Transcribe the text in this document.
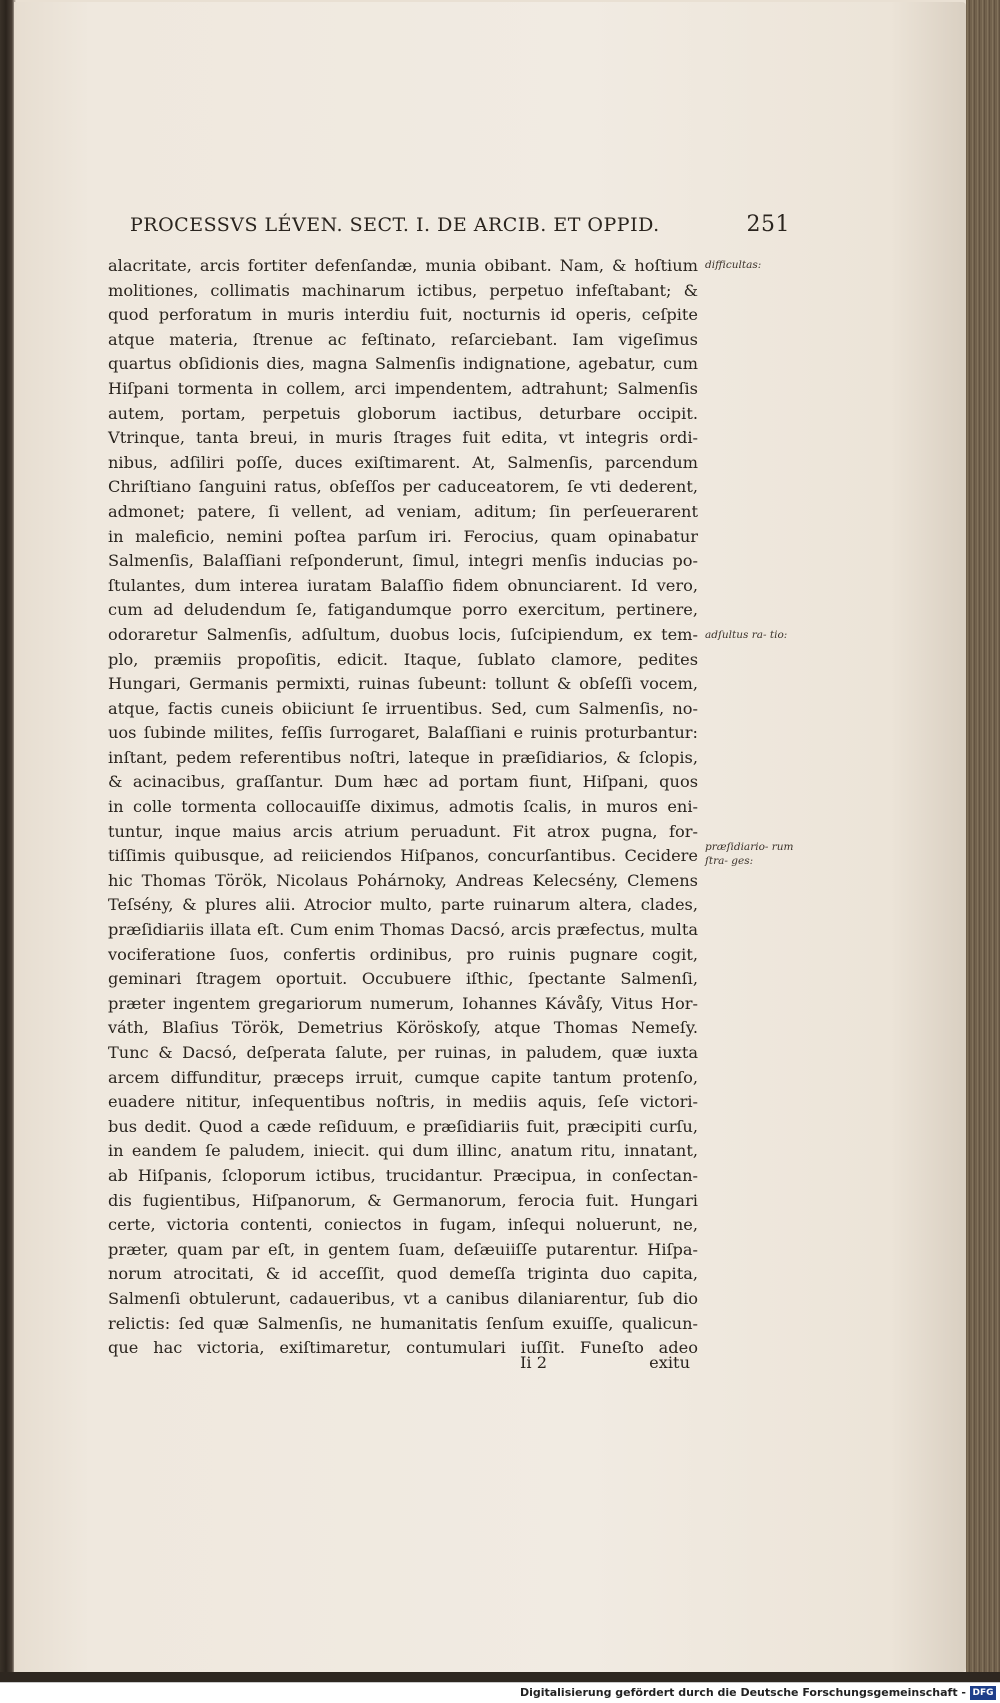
PROCESSVS LÉVEN. SECT. I. DE ARCIB. ET OPPID.	251
alacritate, arcis fortiter defenſandæ, munia obibant. Nam, & hoſtium
molitiones, collimatis machinarum ictibus, perpetuo infeſtabant; &
quod perforatum in muris interdiu fuit, nocturnis id operis, ceſpite
atque materia, ſtrenue ac feſtinato, reſarciebant. Iam vigeſimus
quartus obſidionis dies, magna Salmenſis indignatione, agebatur, cum
Hiſpani tormenta in collem, arci impendentem, adtrahunt; Salmenſis
autem, portam, perpetuis globorum iactibus, deturbare occipit.
Vtrinque, tanta breui, in muris ſtrages fuit edita, vt integris ordi-
nibus, adſiliri poſſe, duces exiſtimarent. At, Salmenſis, parcendum
Chriſtiano ſanguini ratus, obſeſſos per caduceatorem, ſe vti dederent,
admonet; patere, ſi vellent, ad veniam, aditum; ſin perſeuerarent
in maleficio, nemini poſtea parſum iri. Ferocius, quam opinabatur
Salmenſis, Balaſſiani reſponderunt, ſimul, integri menſis inducias po-
ſtulantes, dum interea iuratam Balaſſio fidem obnunciarent. Id vero,
cum ad deludendum ſe, fatigandumque porro exercitum, pertinere,
odoraretur Salmenſis, adſultum, duobus locis, ſuſcipiendum, ex tem-
plo, præmiis propoſitis, edicit. Itaque, ſublato clamore, pedites
Hungari, Germanis permixti, ruinas ſubeunt: tollunt & obſeſſi vocem,
atque, factis cuneis obiiciunt ſe irruentibus. Sed, cum Salmenſis, no-
uos ſubinde milites, feſſis ſurrogaret, Balaſſiani e ruinis proturbantur:
inſtant, pedem referentibus noſtri, lateque in præſidiarios, & ſclopis,
& acinacibus, graſſantur. Dum hæc ad portam fiunt, Hiſpani, quos
in colle tormenta collocauiſſe diximus, admotis ſcalis, in muros eni-
tuntur, inque maius arcis atrium peruadunt. Fit atrox pugna, for-
tiſſimis quibusque, ad reiiciendos Hiſpanos, concurſantibus. Cecidere
hic Thomas Török, Nicolaus Pohárnoky, Andreas Kelecsény, Clemens
Teſsény, & plures alii. Atrocior multo, parte ruinarum altera, clades,
præſidiariis illata eſt. Cum enim Thomas Dacsó, arcis præfectus, multa
vociferatione ſuos, confertis ordinibus, pro ruinis pugnare cogit,
geminari ſtragem oportuit. Occubuere iſthic, ſpectante Salmenſi,
præter ingentem gregariorum numerum, Iohannes Kávåſy, Vitus Hor-
váth, Blaſius Török, Demetrius Köröskoſy, atque Thomas Nemeſy.
Tunc & Dacsó, deſperata ſalute, per ruinas, in paludem, quæ iuxta
arcem diffunditur, præceps irruit, cumque capite tantum protenſo,
euadere nititur, inſequentibus noſtris, in mediis aquis, ſeſe victori-
bus dedit. Quod a cæde reſiduum, e præſidiariis fuit, præcipiti curſu,
in eandem ſe paludem, iniecit. qui dum illinc, anatum ritu, innatant,
ab Hiſpanis, ſcloporum ictibus, trucidantur. Præcipua, in conſectan-
dis fugientibus, Hiſpanorum, & Germanorum, ferocia fuit. Hungari
certe, victoria contenti, coniectos in fugam, inſequi noluerunt, ne,
præter, quam par eſt, in gentem ſuam, deſæuiiſſe putarentur. Hiſpa-
norum atrocitati, & id acceſſit, quod demeſſa triginta duo capita,
Salmenſi obtulerunt, cadaueribus, vt a canibus dilaniarentur, ſub dio
relictis: ſed quæ Salmenſis, ne humanitatis ſenſum exuiſſe, qualicun-
que hac victoria, exiſtimaretur, contumulari iuſſit. Funeſto adeo
difficultas:
adſultus ra- tio:
præſidiario- rum ſtra- ges:
Ii 2	exitu
Digitalisierung gefördert durch die Deutsche Forschungsgemeinschaft - DFG
